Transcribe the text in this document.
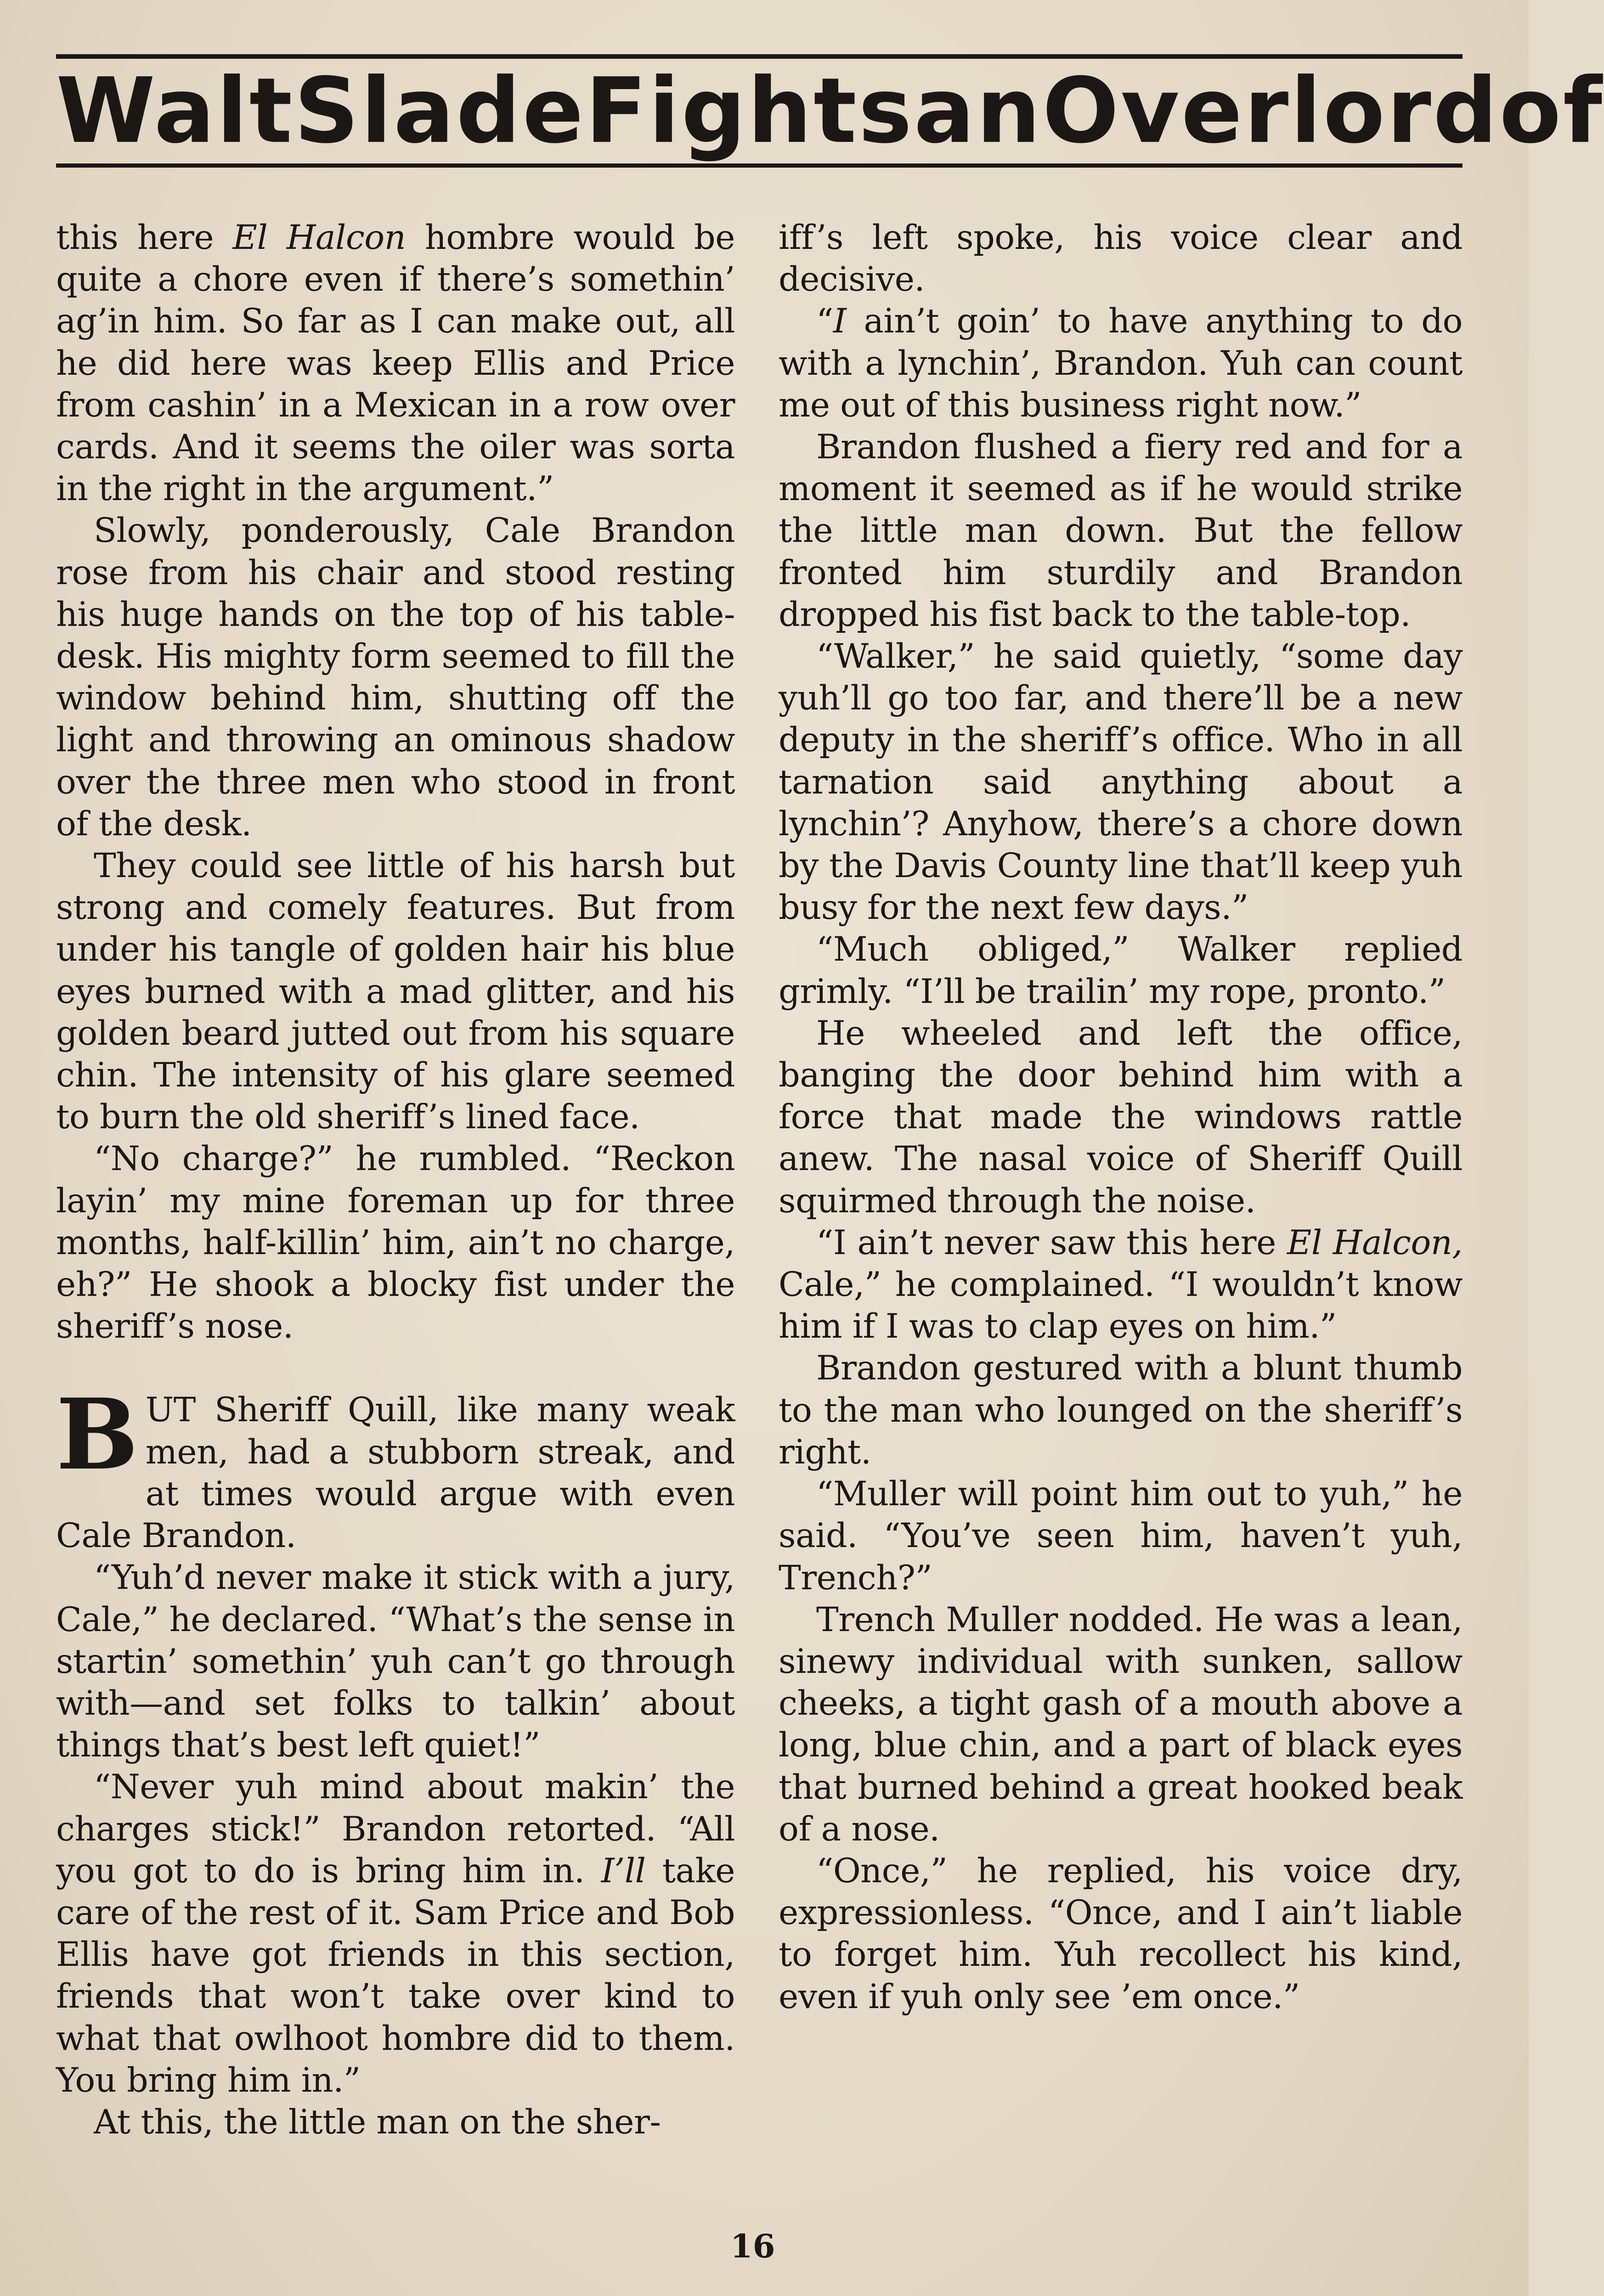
Walt Slade Fights an Overlord of

this here El Halcon hombre would be quite a chore even if there’s somethin’ ag’in him. So far as I can make out, all he did here was keep Ellis and Price from cashin’ in a Mexican in a row over cards. And it seems the oiler was sorta in the right in the argument.”

Slowly, ponderously, Cale Brandon rose from his chair and stood resting his huge hands on the top of his table-desk. His mighty form seemed to fill the window behind him, shutting off the light and throwing an ominous shadow over the three men who stood in front of the desk.

They could see little of his harsh but strong and comely features. But from under his tangle of golden hair his blue eyes burned with a mad glitter, and his golden beard jutted out from his square chin. The intensity of his glare seemed to burn the old sheriff’s lined face.

“No charge?” he rumbled. “Reckon layin’ my mine foreman up for three months, half-killin’ him, ain’t no charge, eh?” He shook a blocky fist under the sheriff’s nose.

BUT Sheriff Quill, like many weak men, had a stubborn streak, and at times would argue with even Cale Brandon.

“Yuh’d never make it stick with a jury, Cale,” he declared. “What’s the sense in startin’ somethin’ yuh can’t go through with—and set folks to talkin’ about things that’s best left quiet!”

“Never yuh mind about makin’ the charges stick!” Brandon retorted. “All you got to do is bring him in. I’ll take care of the rest of it. Sam Price and Bob Ellis have got friends in this section, friends that won’t take over kind to what that owlhoot hombre did to them. You bring him in.”

At this, the little man on the sher-

iff’s left spoke, his voice clear and decisive.

“I ain’t goin’ to have anything to do with a lynchin’, Brandon. Yuh can count me out of this business right now.”

Brandon flushed a fiery red and for a moment it seemed as if he would strike the little man down. But the fellow fronted him sturdily and Brandon dropped his fist back to the table-top.

“Walker,” he said quietly, “some day yuh’ll go too far, and there’ll be a new deputy in the sheriff’s office. Who in all tarnation said anything about a lynchin’? Anyhow, there’s a chore down by the Davis County line that’ll keep yuh busy for the next few days.”

“Much obliged,” Walker replied grimly. “I’ll be trailin’ my rope, pronto.”

He wheeled and left the office, banging the door behind him with a force that made the windows rattle anew. The nasal voice of Sheriff Quill squirmed through the noise.

“I ain’t never saw this here El Halcon, Cale,” he complained. “I wouldn’t know him if I was to clap eyes on him.”

Brandon gestured with a blunt thumb to the man who lounged on the sheriff’s right.

“Muller will point him out to yuh,” he said. “You’ve seen him, haven’t yuh, Trench?”

Trench Muller nodded. He was a lean, sinewy individual with sunken, sallow cheeks, a tight gash of a mouth above a long, blue chin, and a part of black eyes that burned behind a great hooked beak of a nose.

“Once,” he replied, his voice dry, expressionless. “Once, and I ain’t liable to forget him. Yuh recollect his kind, even if yuh only see ’em once.”

16
